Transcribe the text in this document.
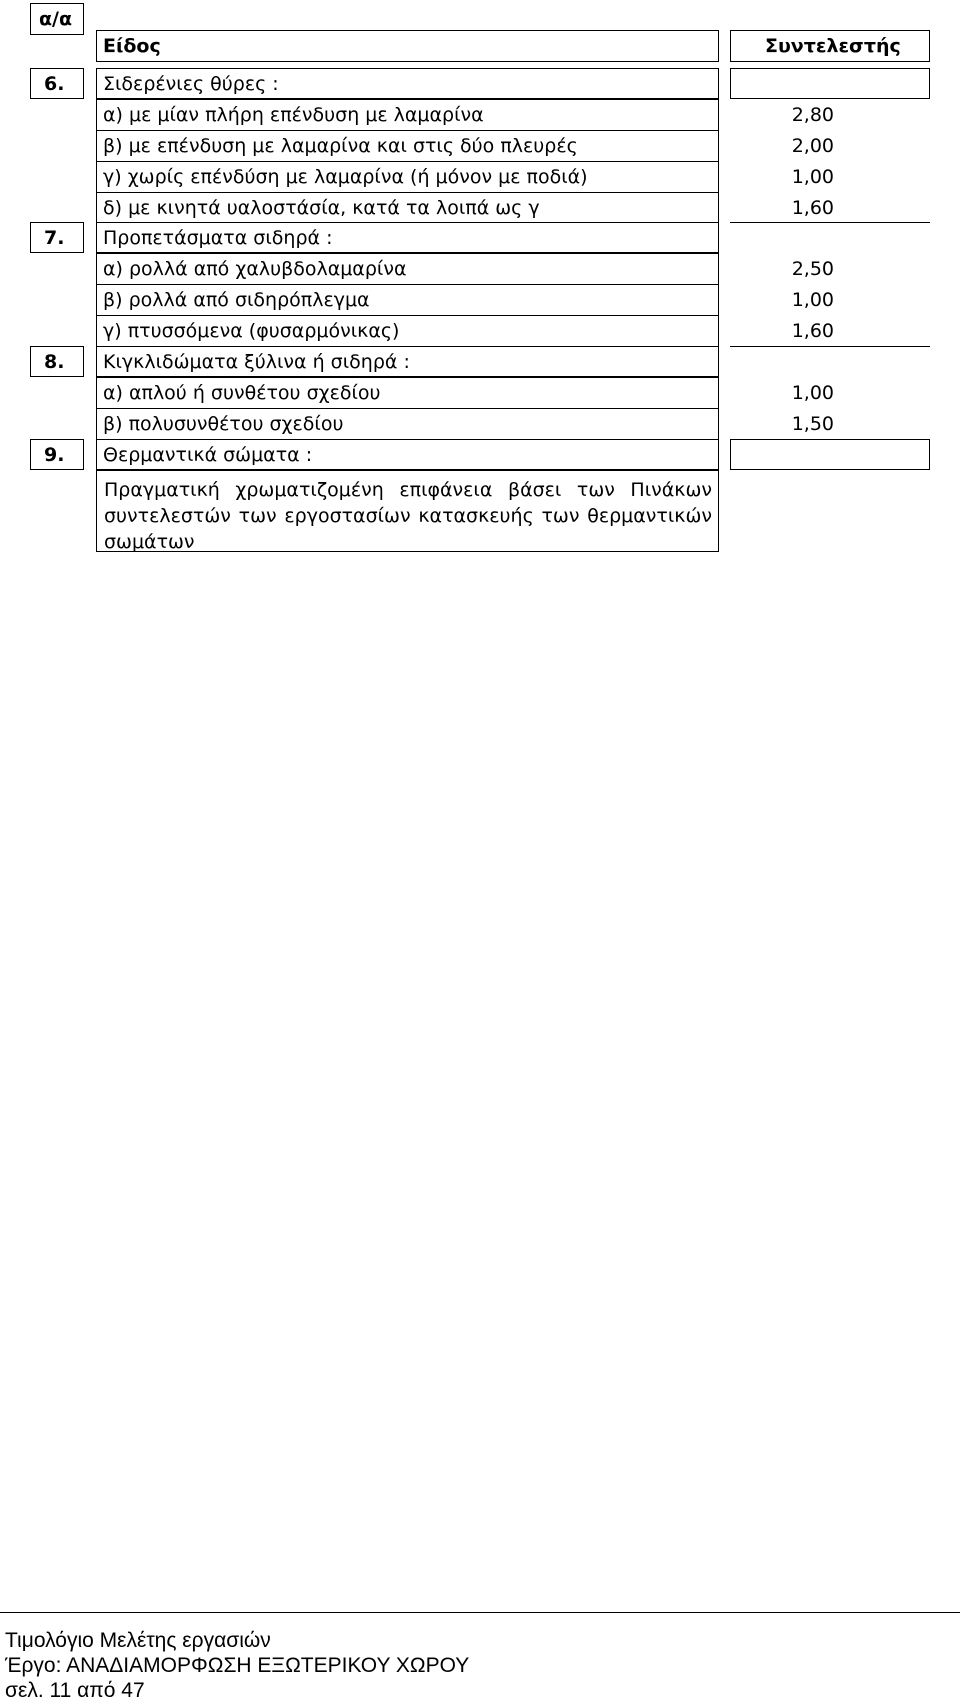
α/α
Είδος	Συντελεστής
6. Σιδερένιες θύρες :
α) με μίαν πλήρη επένδυση με λαμαρίνα	2,80
β) με επένδυση με λαμαρίνα και στις δύο πλευρές	2,00
γ) χωρίς επένδύση με λαμαρίνα (ή μόνον με ποδιά)	1,00
δ) με κινητά υαλοστάσία, κατά τα λοιπά ως γ	1,60
7. Προπετάσματα σιδηρά :
α) ρολλά από χαλυβδολαμαρίνα	2,50
β) ρολλά από σιδηρόπλεγμα	1,00
γ) πτυσσόμενα (φυσαρμόνικας)	1,60
8. Κιγκλιδώματα ξύλινα ή σιδηρά :
α) απλού ή συνθέτου σχεδίου	1,00
β) πολυσυνθέτου σχεδίου	1,50
9. Θερμαντικά σώματα :
Πραγματική χρωματιζομένη επιφάνεια βάσει των Πινάκων συντελεστών των εργοστασίων κατασκευής των θερμαντικών σωμάτων
Τιμολόγιο Μελέτης εργασιών
Έργο: ΑΝΑΔΙΑΜΟΡΦΩΣΗ ΕΞΩΤΕΡΙΚΟΥ ΧΩΡΟΥ
σελ. 11 από 47
